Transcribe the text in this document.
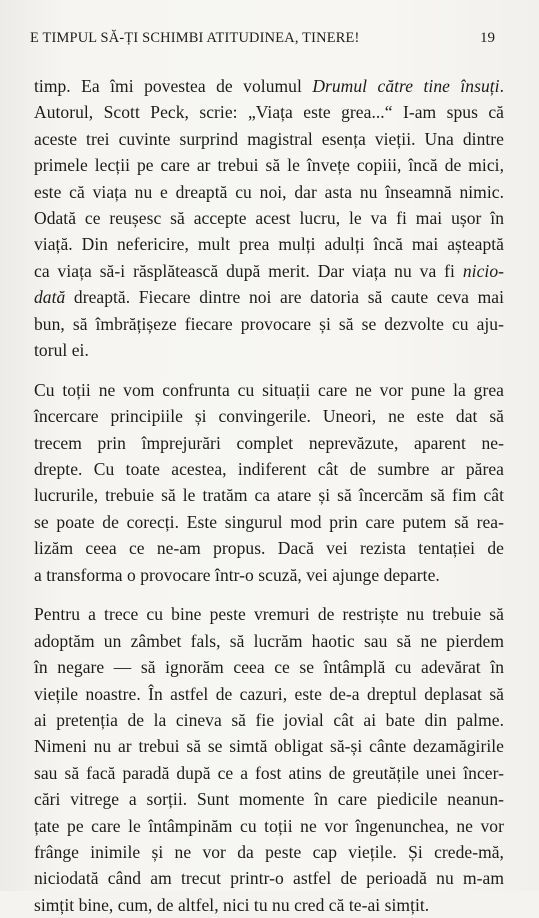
E TIMPUL SĂ-ȚI SCHIMBI ATITUDINEA, TINERE!	19
timp. Ea îmi povestea de volumul Drumul către tine însuți.
Autorul, Scott Peck, scrie: „Viața este grea...“ I-am spus că
aceste trei cuvinte surprind magistral esența vieții. Una dintre
primele lecții pe care ar trebui să le învețe copiii, încă de mici,
este că viața nu e dreaptă cu noi, dar asta nu înseamnă nimic.
Odată ce reușesc să accepte acest lucru, le va fi mai ușor în
viață. Din nefericire, mult prea mulți adulți încă mai așteaptă
ca viața să-i răsplătească după merit. Dar viața nu va fi nicio-
dată dreaptă. Fiecare dintre noi are datoria să caute ceva mai
bun, să îmbrățișeze fiecare provocare și să se dezvolte cu aju-
torul ei.
Cu toții ne vom confrunta cu situații care ne vor pune la grea
încercare principiile și convingerile. Uneori, ne este dat să
trecem prin împrejurări complet neprevăzute, aparent ne-
drepte. Cu toate acestea, indiferent cât de sumbre ar părea
lucrurile, trebuie să le tratăm ca atare și să încercăm să fim cât
se poate de corecți. Este singurul mod prin care putem să rea-
lizăm ceea ce ne-am propus. Dacă vei rezista tentației de
a transforma o provocare într-o scuză, vei ajunge departe.
Pentru a trece cu bine peste vremuri de restriște nu trebuie să
adoptăm un zâmbet fals, să lucrăm haotic sau să ne pierdem
în negare — să ignorăm ceea ce se întâmplă cu adevărat în
viețile noastre. În astfel de cazuri, este de-a dreptul deplasat să
ai pretenția de la cineva să fie jovial cât ai bate din palme.
Nimeni nu ar trebui să se simtă obligat să-și cânte dezamăgirile
sau să facă paradă după ce a fost atins de greutățile unei încer-
cări vitrege a sorții. Sunt momente în care piedicile neanun-
țate pe care le întâmpinăm cu toții ne vor îngenunchea, ne vor
frânge inimile și ne vor da peste cap viețile. Și crede-mă,
niciodată când am trecut printr-o astfel de perioadă nu m-am
simțit bine, cum, de altfel, nici tu nu cred că te-ai simțit.
